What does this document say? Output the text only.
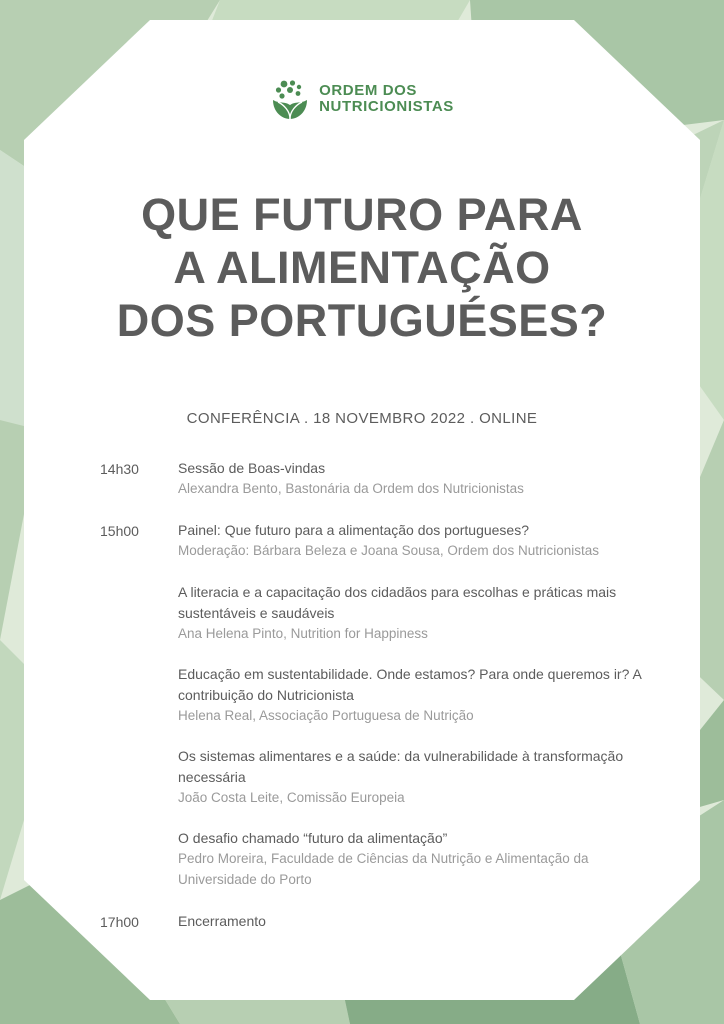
ORDEM DOS
NUTRICIONISTAS
QUE FUTURO PARA
A ALIMENTAÇÃO
DOS PORTUGUÉSES?
CONFERÊNCIA . 18 NOVEMBRO 2022 . ONLINE
14h30	Sessão de Boas-vindas
Alexandra Bento, Bastonária da Ordem dos Nutricionistas
15h00	Painel: Que futuro para a alimentação dos portugueses?
Moderação: Bárbara Beleza e Joana Sousa, Ordem dos Nutricionistas
A literacia e a capacitação dos cidadãos para escolhas e práticas mais sustentáveis e saudáveis
Ana Helena Pinto, Nutrition for Happiness
Educação em sustentabilidade. Onde estamos? Para onde queremos ir? A contribuição do Nutricionista
Helena Real, Associação Portuguesa de Nutrição
Os sistemas alimentares e a saúde: da vulnerabilidade à transformação necessária
João Costa Leite, Comissão Europeia
O desafio chamado “futuro da alimentação”
Pedro Moreira, Faculdade de Ciências da Nutrição e Alimentação da Universidade do Porto
17h00	Encerramento
